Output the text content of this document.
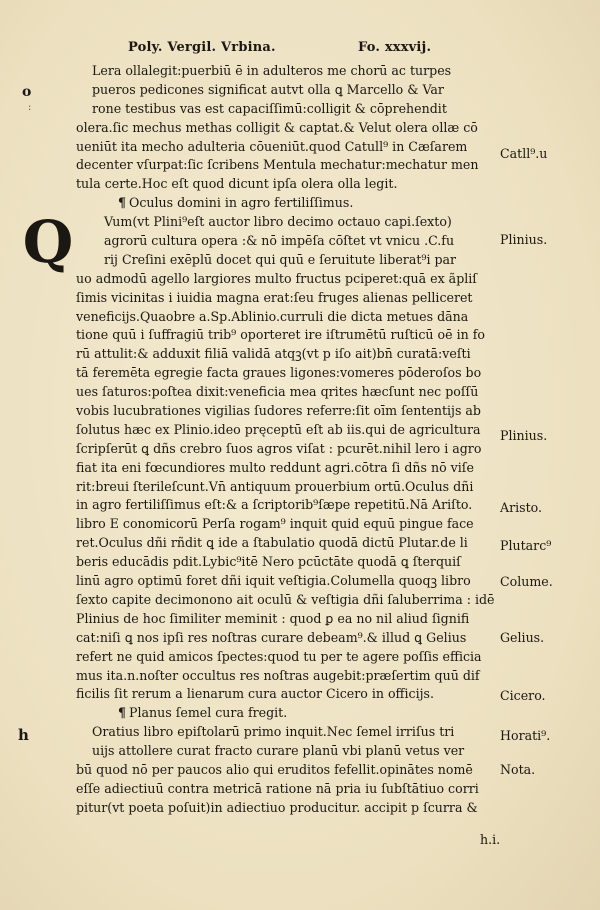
Poly. Vergil. Vrbina.	Fo. xxxvij.
o
:
Q
h
Lera ollalegit:puerbiū ē in adulteros me chorū ac turpes
pueros pedicones significat autvt olla ꝗ Marcello & Var
rone testibus vas est capaciſſimū:colligit & cōprehendit
olera.ſic mechus methas colligit & captat.& Velut olera ollæ cō
ueniūt ita mecho adulteria cōueniūt.quod Catull⁹ in Cæſarem
decenter vſurpat:ſic ſcribens Mentula mechatur:mechatur men
tula certe.Hoc eſt quod dicunt ipſa olera olla legit.
¶ Oculus domini in agro fertiliſſimus.
Vum(vt Plini⁹eſt auctor libro decimo octauo capi.ſexto)
agrorū cultura opera :& nō impēſa cōſtet vt vnicu .C.fu
rij Creſini exēplū docet qui quū e ſeruitute liberat⁹i par
uo admodū agello largiores multo fructus pciperet:quā ex ãpliſ
ſimis vicinitas i iuidia magna erat:ſeu fruges alienas pelliceret
veneficijs.Quaobre a.Sp.Ablinio.curruli die dicta metues dāna
tione quū i ſuffragiū trib⁹ oporteret ire iſtrumētū ruſticū oē in fo
rū attulit:& adduxit filiā validā atqꝫ(vt p iſo ait)bn̄ curatā:veſti
tā feremēta egregie facta graues ligones:vomeres pōderoſos bo
ues ſaturos:poſtea dixit:veneficia mea qrites hæcſunt nec poſſū
vobis lucubrationes vigilias ſudores referre:ſit oīm ſententijs ab
ſolutus hæc ex Plinio.ideo pręceptū eſt ab iis.qui de agricultura
ſcripſerūt ꝗ dñs crebro ſuos agros viſat : pcurēt.nihil lero i agro
fiat ita eni fœcundiores multo reddunt agri.cōtra ſi dñs nō viſe
rit:breui ſterileſcunt.Vn̄ antiquum prouerbium ortū.Oculus dñi
in agro fertiliſſimus eſt:& a ſcriptorib⁹ſæpe repetitū.Nā Ariſto.
libro E conomicorū Perſa rogam⁹ inquit quid equū pingue face
ret.Oculus dñi rñdit ꝗ ide a ſtabulatio quodā dictū Plutar.de li
beris educādis pdit.Lybic⁹itē Nero pcūctāte quodā ꝗ ſterquiſ
linū agro optimū foret dñi iquit veſtigia.Columella quoqꝫ libro
ſexto capite decimonono ait oculū & veſtigia dñi ſaluberrima : idē
Plinius de hoc ſimiliter meminit : quod ꝑ ea no nil aliud ſignifi
cat:niſi ꝗ nos ipſi res noſtras curare debeam⁹.& illud ꝗ Gelius
refert ne quid amicos ſpectes:quod tu per te agere poſſis efficia
mus ita.n.noſter occultus res noſtras augebit:præſertim quū dif
ficilis ſit rerum a lienarum cura auctor Cicero in officijs.
¶ Planus ſemel cura fregit.
Oratius libro epiſtolarū primo inquit.Nec ſemel irriſus tri
uijs attollere curat fracto curare planū vbi planū vetus ver
bū quod nō per paucos alio qui eruditos fefellit.opinātes nomē
eſſe adiectiuū contra metricā ratione nā pria iu ſubſtātiuo corri
pitur(vt poeta poſuit)in adiectiuo producitur. accipit p ſcurra &
Catll⁹.u
Plinius.
Plinius.
Aristo.
Plutarc⁹
Colume.
Gelius.
Cicero.
Horati⁹.
Nota.
h.i.
